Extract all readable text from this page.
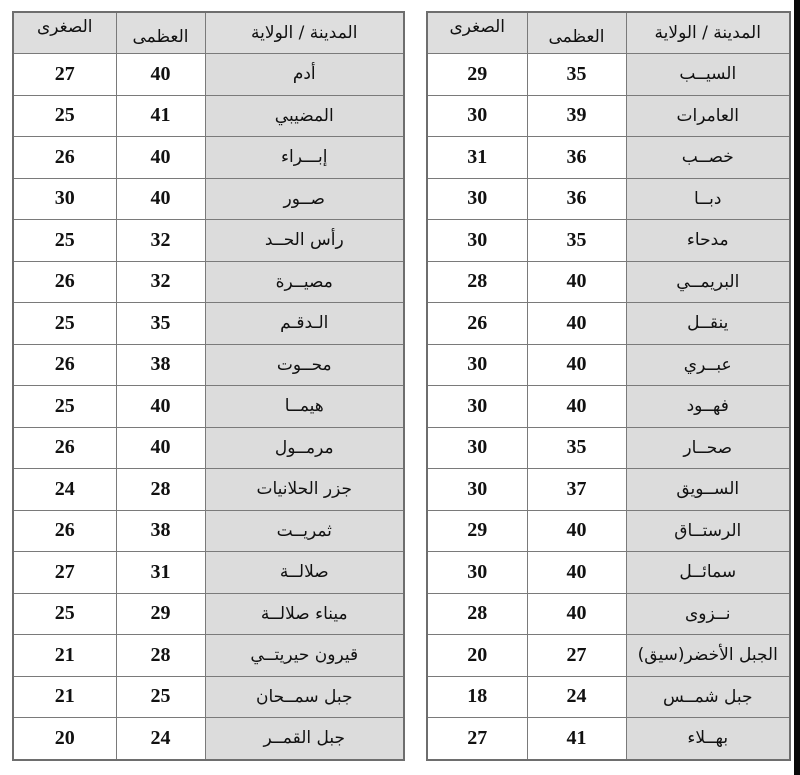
الصغرى	العظمى	المدينة / الولاية
27	40	أدم
25	41	المضيبي
26	40	إبـــراء
30	40	صــور
25	32	رأس الحــد
26	32	مصيــرة
25	35	الـدقـم
26	38	محــوت
25	40	هيمــا
26	40	مرمــول
24	28	جزر الحلانيات
26	38	ثمريــت
27	31	صلالــة
25	29	ميناء صلالــة
21	28	قيرون حيريتــي
21	25	جبل سمــحان
20	24	جبل القمــر
الصغرى	العظمى	المدينة / الولاية
29	35	السيــب
30	39	العامرات
31	36	خصــب
30	36	دبــا
30	35	مدحاء
28	40	البريمــي
26	40	ينقــل
30	40	عبــري
30	40	فهــود
30	35	صحــار
30	37	الســويق
29	40	الرستــاق
30	40	سمائــل
28	40	نــزوى
20	27	الجبل الأخضر(سيق)
18	24	جبل شمــس
27	41	بهــلاء
